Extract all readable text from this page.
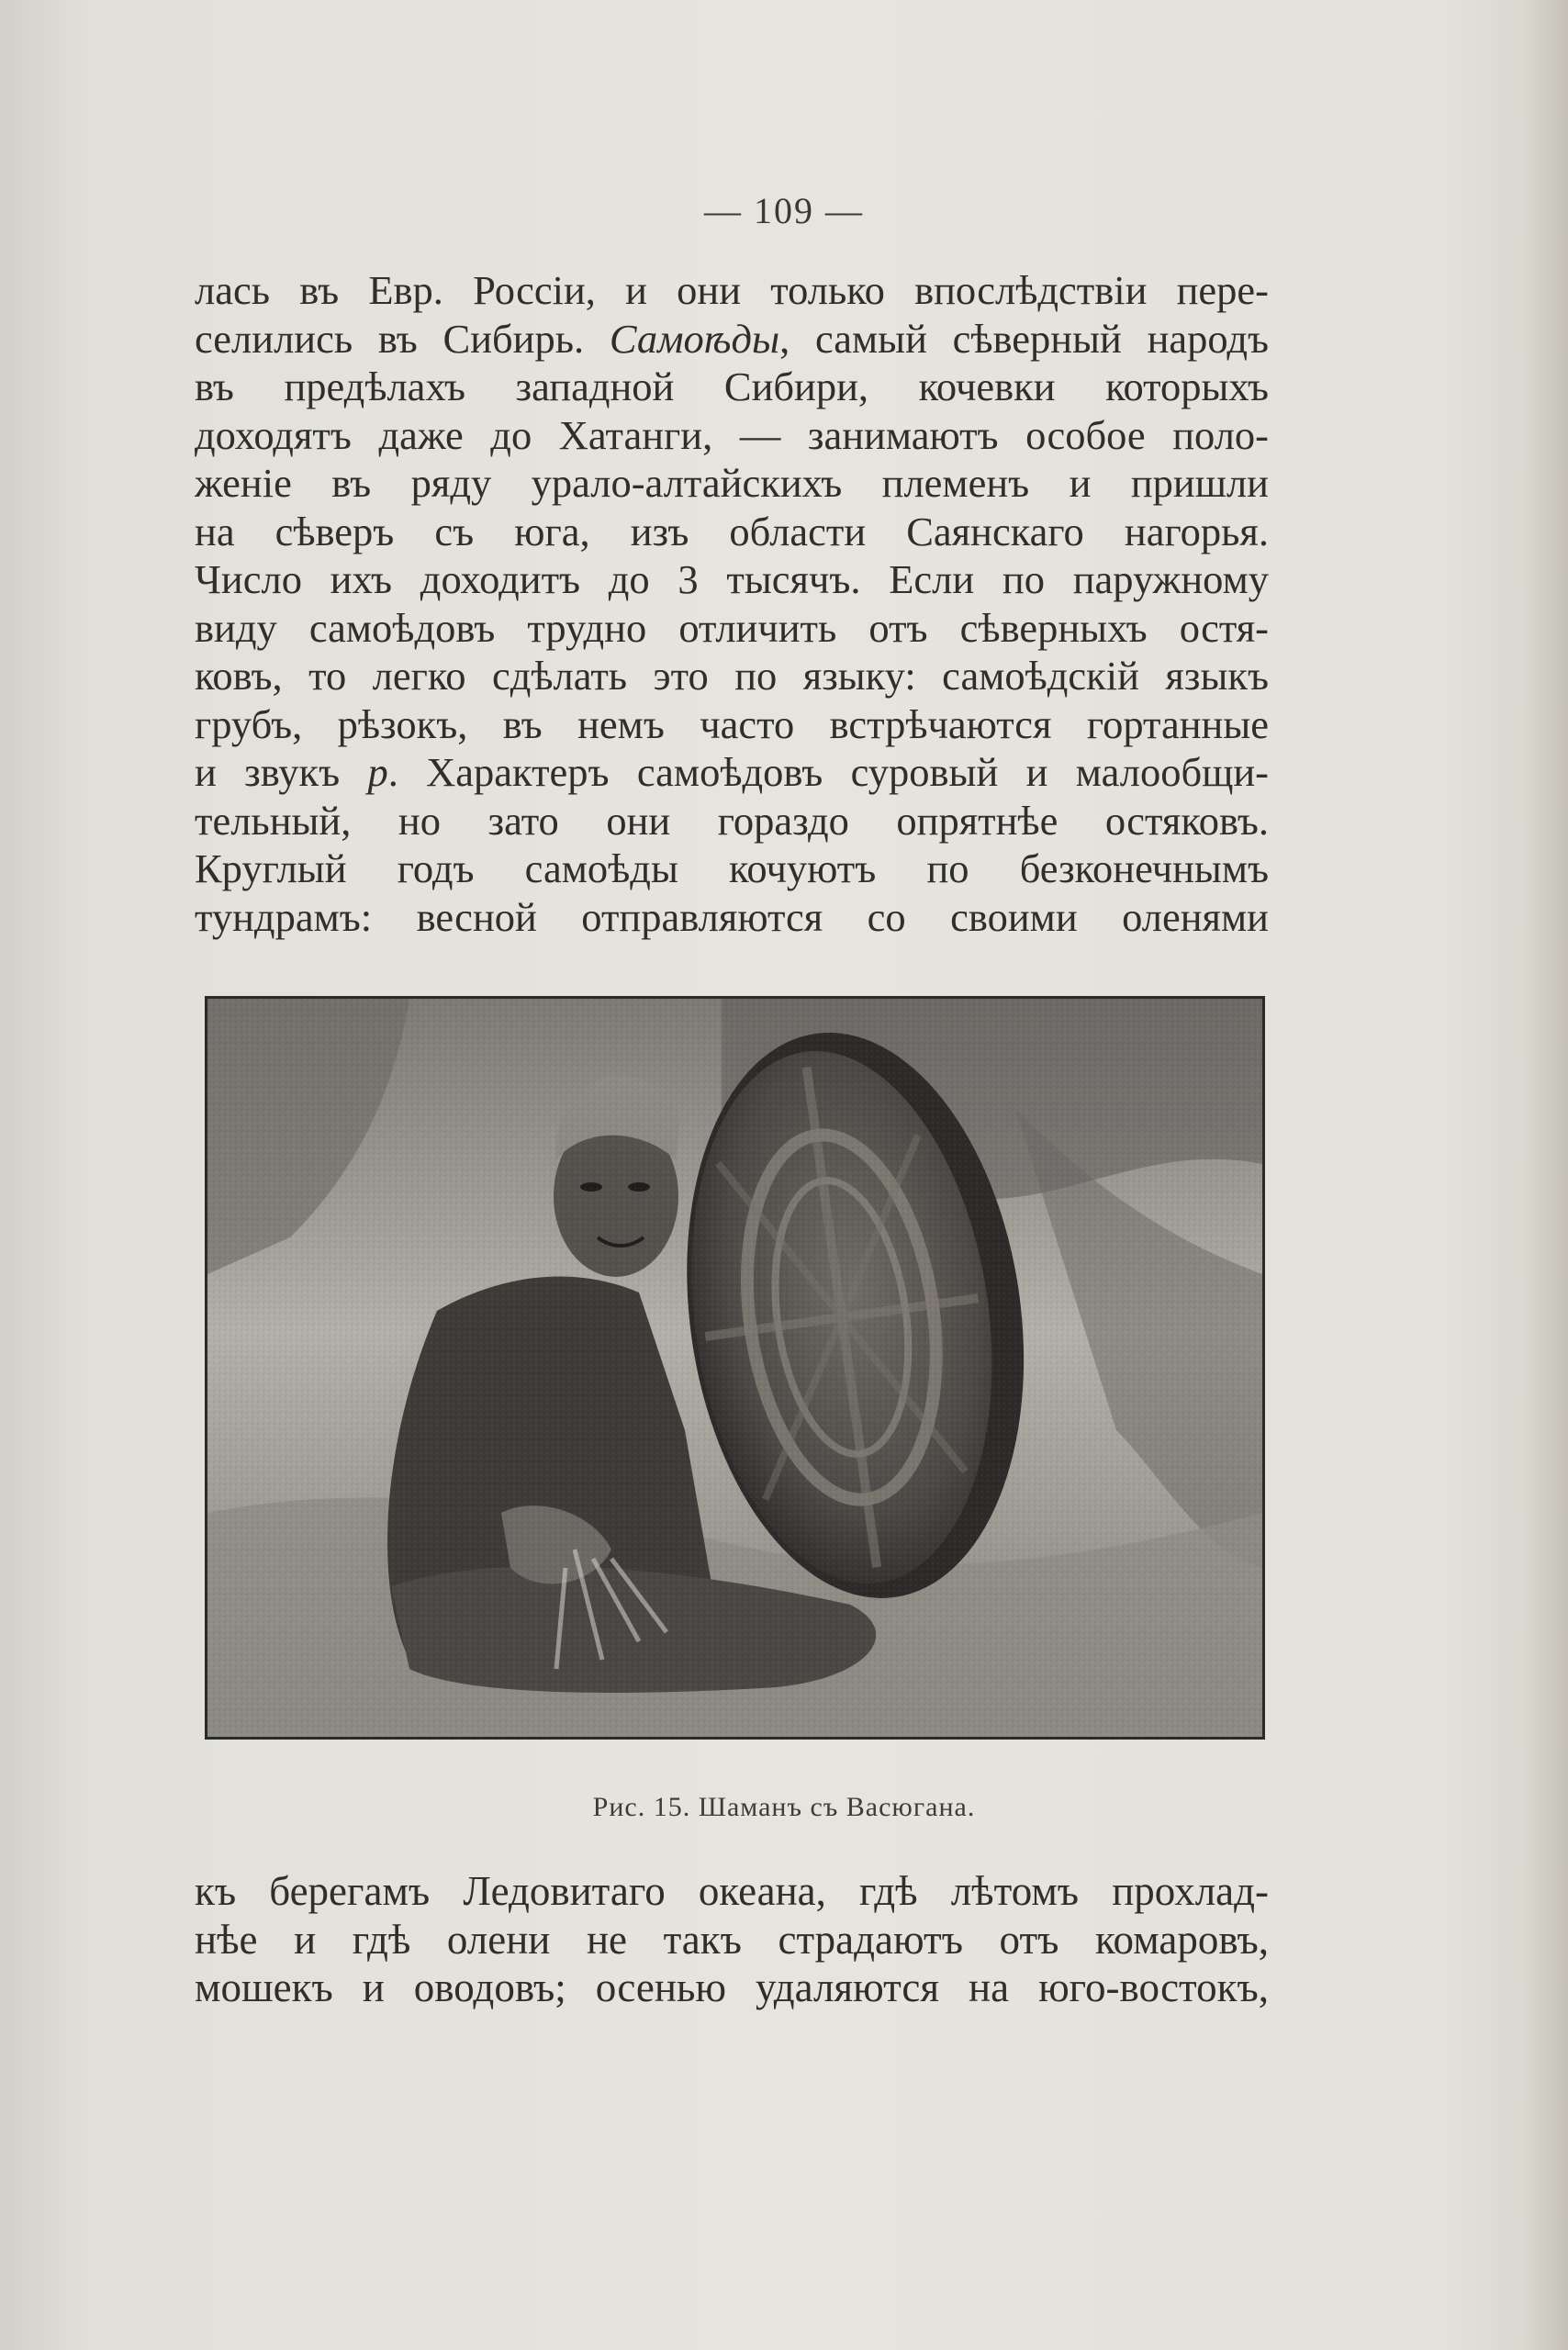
— 109 —
лась въ Евр. Россіи, и они только впослѣдствіи пере-
селились въ Сибирь. Самоѣды, самый сѣверный народъ
въ предѣлахъ западной Сибири, кочевки которыхъ
доходятъ даже до Хатанги, — занимаютъ особое поло-
женіе въ ряду урало-алтайскихъ племенъ и пришли
на сѣверъ съ юга, изъ области Саянскаго нагорья.
Число ихъ доходитъ до 3 тысячъ. Если по паружному
виду самоѣдовъ трудно отличить отъ сѣверныхъ остя-
ковъ, то легко сдѣлать это по языку: самоѣдскій языкъ
грубъ, рѣзокъ, въ немъ часто встрѣчаются гортанные
и звукъ р. Характеръ самоѣдовъ суровый и малообщи-
тельный, но зато они гораздо опрятнѣе остяковъ.
Круглый годъ самоѣды кочуютъ по безконечнымъ
тундрамъ: весной отправляются со своими оленями
Рис. 15. Шаманъ съ Васюгана.
къ берегамъ Ледовитаго океана, гдѣ лѣтомъ прохлад-
нѣе и гдѣ олени не такъ страдаютъ отъ комаровъ,
мошекъ и оводовъ; осенью удаляются на юго-востокъ,
